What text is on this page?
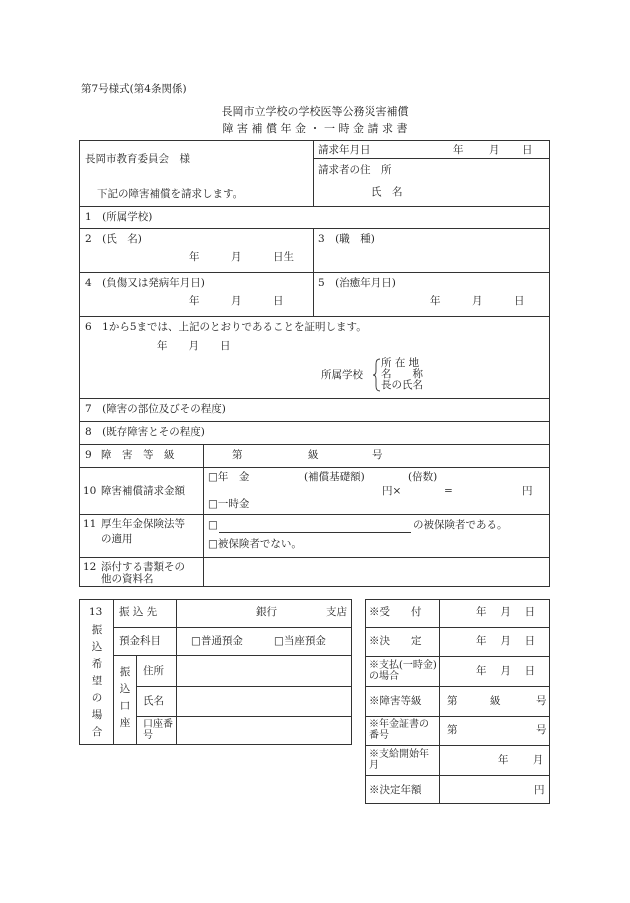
第7号様式(第4条関係)
長岡市立学校の学校医等公務災害補償
障 害 補 償 年 金 ・ 一 時 金 請 求 書
長岡市教育委員会　様
下記の障害補償を請求します。
請求年月日	年 月 日
請求者の住　所
氏　名
1　(所属学校)
2　(氏　名)
年　　　月　　　日生
3　(職　種)
4　(負傷又は発病年月日)
年　　　月　　　日
5　(治癒年月日)
年　　　月　　　日
6　1から5までは、上記のとおりであることを証明します。
年　　月　　日
所属学校
所 在 地
名　　称
長の氏名
7　(障害の部位及びその程度)
8　(既存障害とその程度)
9 障　害　等　級	第	級	号
10 障害補償請求金額
□年　金	(補償基礎額)	(倍数)
円×	=	円
□一時金
11 厚生年金保険法等
の適用
□	の被保険者である。
□被保険者でない。
12 添付する書類その
他の資料名
13
振込希望の場合
振 込 先	銀行	支店
預金科目	□普通預金	□当座預金
振込口座
住所
氏名
口座番号
※受　　付	年　 月　 日
※決　　定	年　 月　 日
※支払(一時金)の場合	年　 月　 日
※障害等級 第	級	号
※年金証書の番号	第	号
※支給開始年月	年　　 月
※決定年額	円
